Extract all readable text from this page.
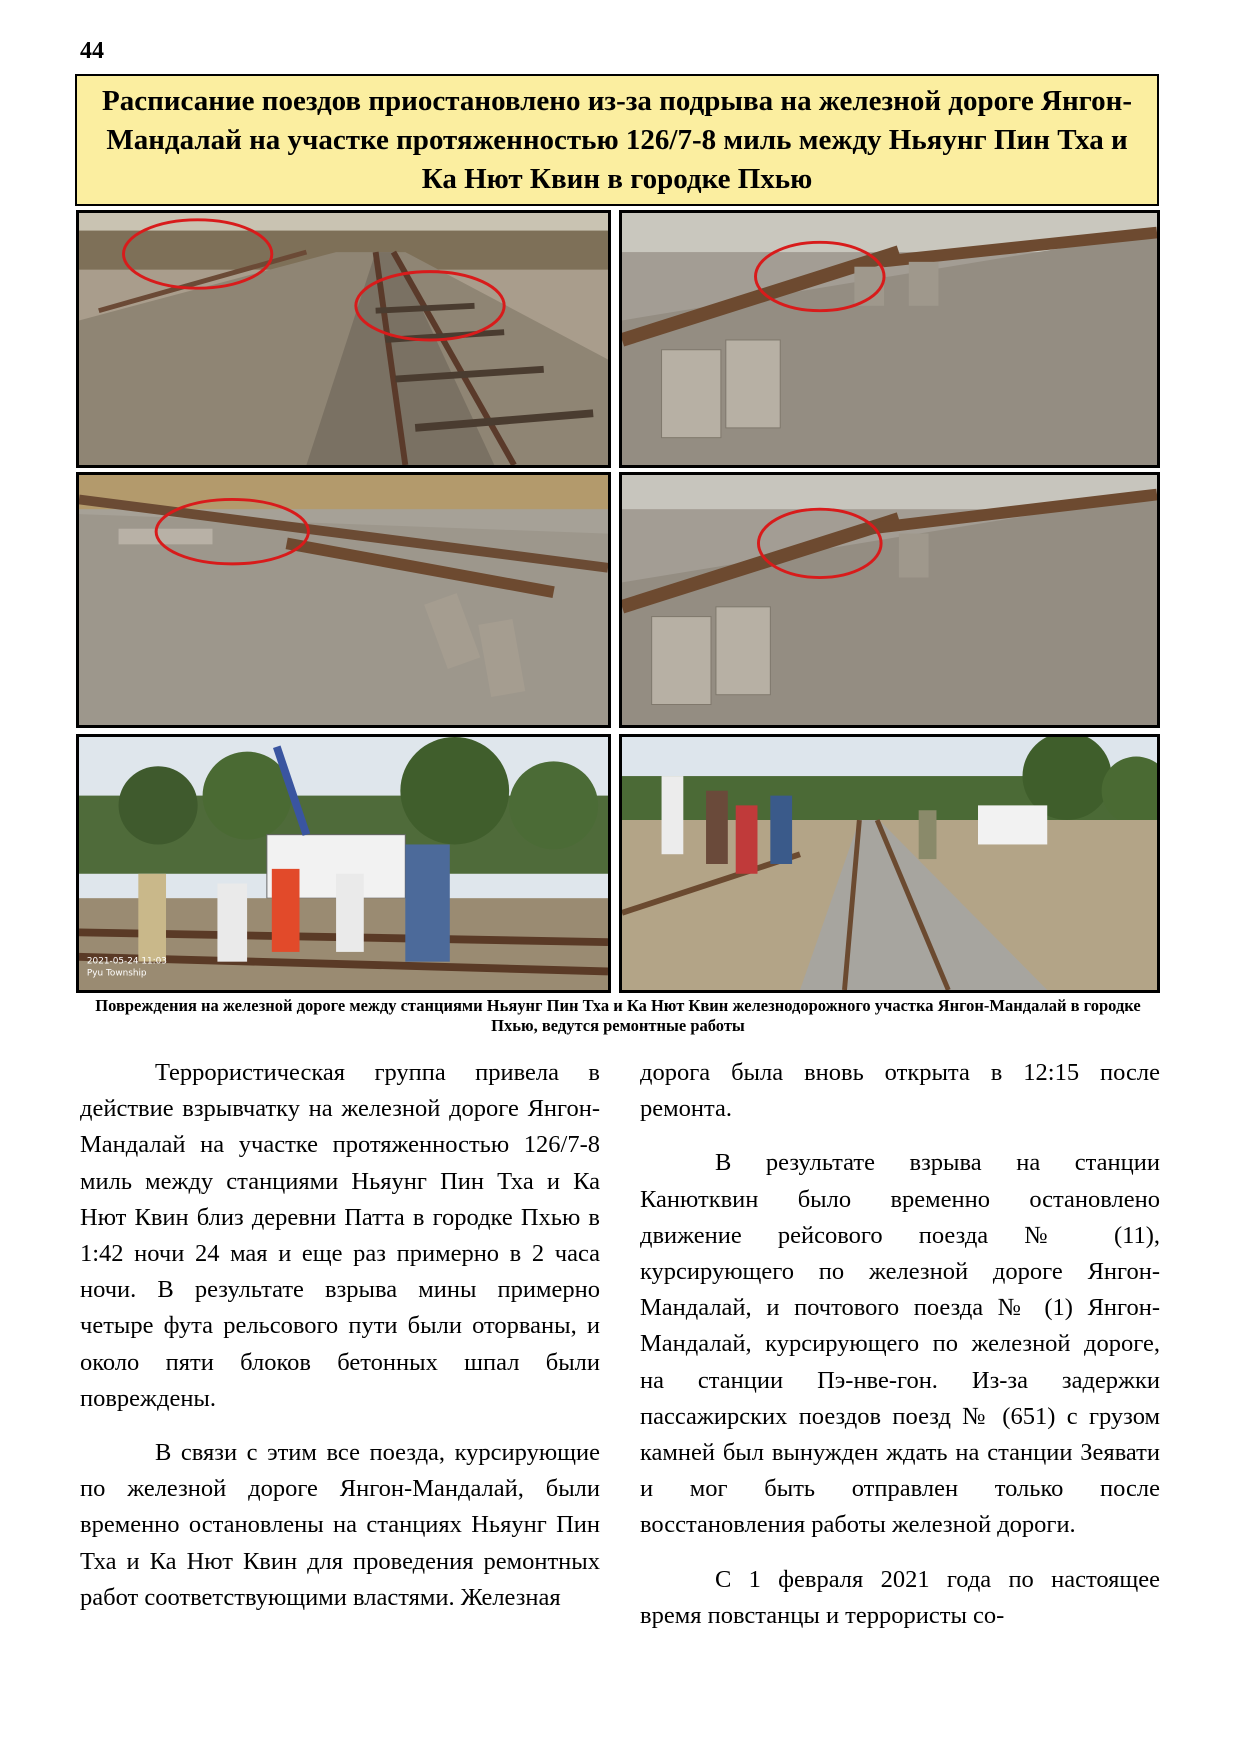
44
Расписание поездов приостановлено из-за подрыва на железной дороге Янгон-Мандалай на участке протяженностью 126/7-8 миль между Ньяунг Пин Тха и Ка Нют Квин в городке Пхью
2021-05-24 11:03
Pyu Township
Повреждения на железной дороге между станциями Ньяунг Пин Тха и Ка Нют Квин железнодорожного участка Янгон-Мандалай в городке Пхью, ведутся ремонтные работы

Террористическая группа привела в действие взрывчатку на железной дороге Янгон-Мандалай на участке протяженностью 126/7-8 миль между станциями Ньяунг Пин Тха и Ка Нют Квин близ деревни Патта в городке Пхью в 1:42 ночи 24 мая и еще раз примерно в 2 часа ночи. В результате взрыва мины примерно четыре фута рельсового пути были оторваны, и около пяти блоков бетонных шпал были повреждены.

В связи с этим все поезда, курсирующие по железной дороге Янгон-Мандалай, были временно остановлены на станциях Ньяунг Пин Тха и Ка Нют Квин для проведения ремонтных работ соответствующими властями. Железная

дорога была вновь открыта в 12:15 после ремонта.

В результате взрыва на станции Канютквин было временно остановлено движение рейсового поезда № (11), курсирующего по железной дороге Янгон-Мандалай, и почтового поезда № (1) Янгон-Мандалай, курсирующего по железной дороге, на станции Пэ-нве-гон. Из-за задержки пассажирских поездов поезд № (651) с грузом камней был вынужден ждать на станции Зеявати и мог быть отправлен только после восстановления работы железной дороги.

С 1 февраля 2021 года по настоящее время повстанцы и террористы со-
